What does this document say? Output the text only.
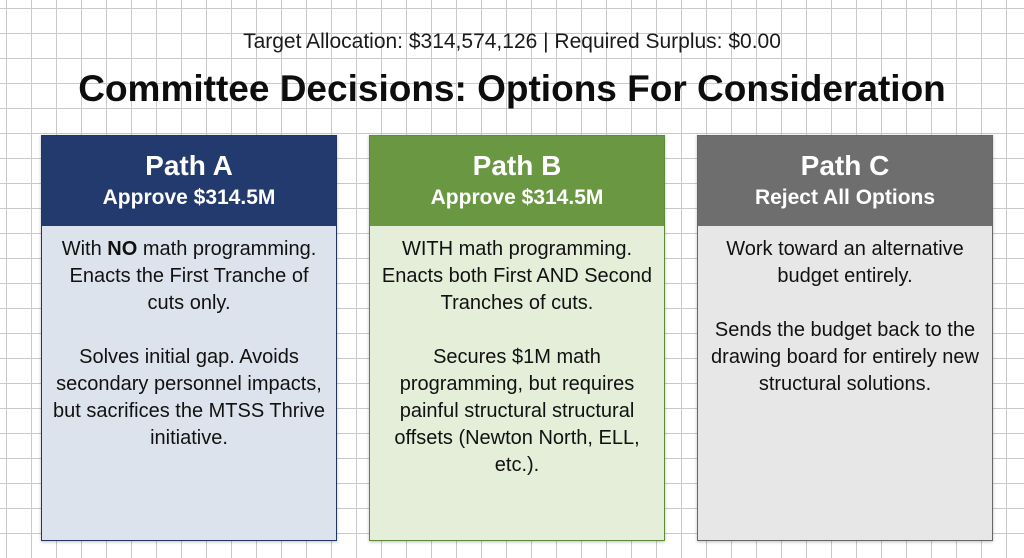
Target Allocation: $314,574,126 | Required Surplus: $0.00
Committee Decisions: Options For Consideration
Path A
Approve $314.5M

With NO math programming. Enacts the First Tranche of cuts only.

Solves initial gap. Avoids secondary personnel impacts, but sacrifices the MTSS Thrive initiative.

Path B
Approve $314.5M

WITH math programming. Enacts both First AND Second Tranches of cuts.

Secures $1M math programming, but requires painful structural structural offsets (Newton North, ELL, etc.).

Path C
Reject All Options

Work toward an alternative budget entirely.

Sends the budget back to the drawing board for entirely new structural solutions.
